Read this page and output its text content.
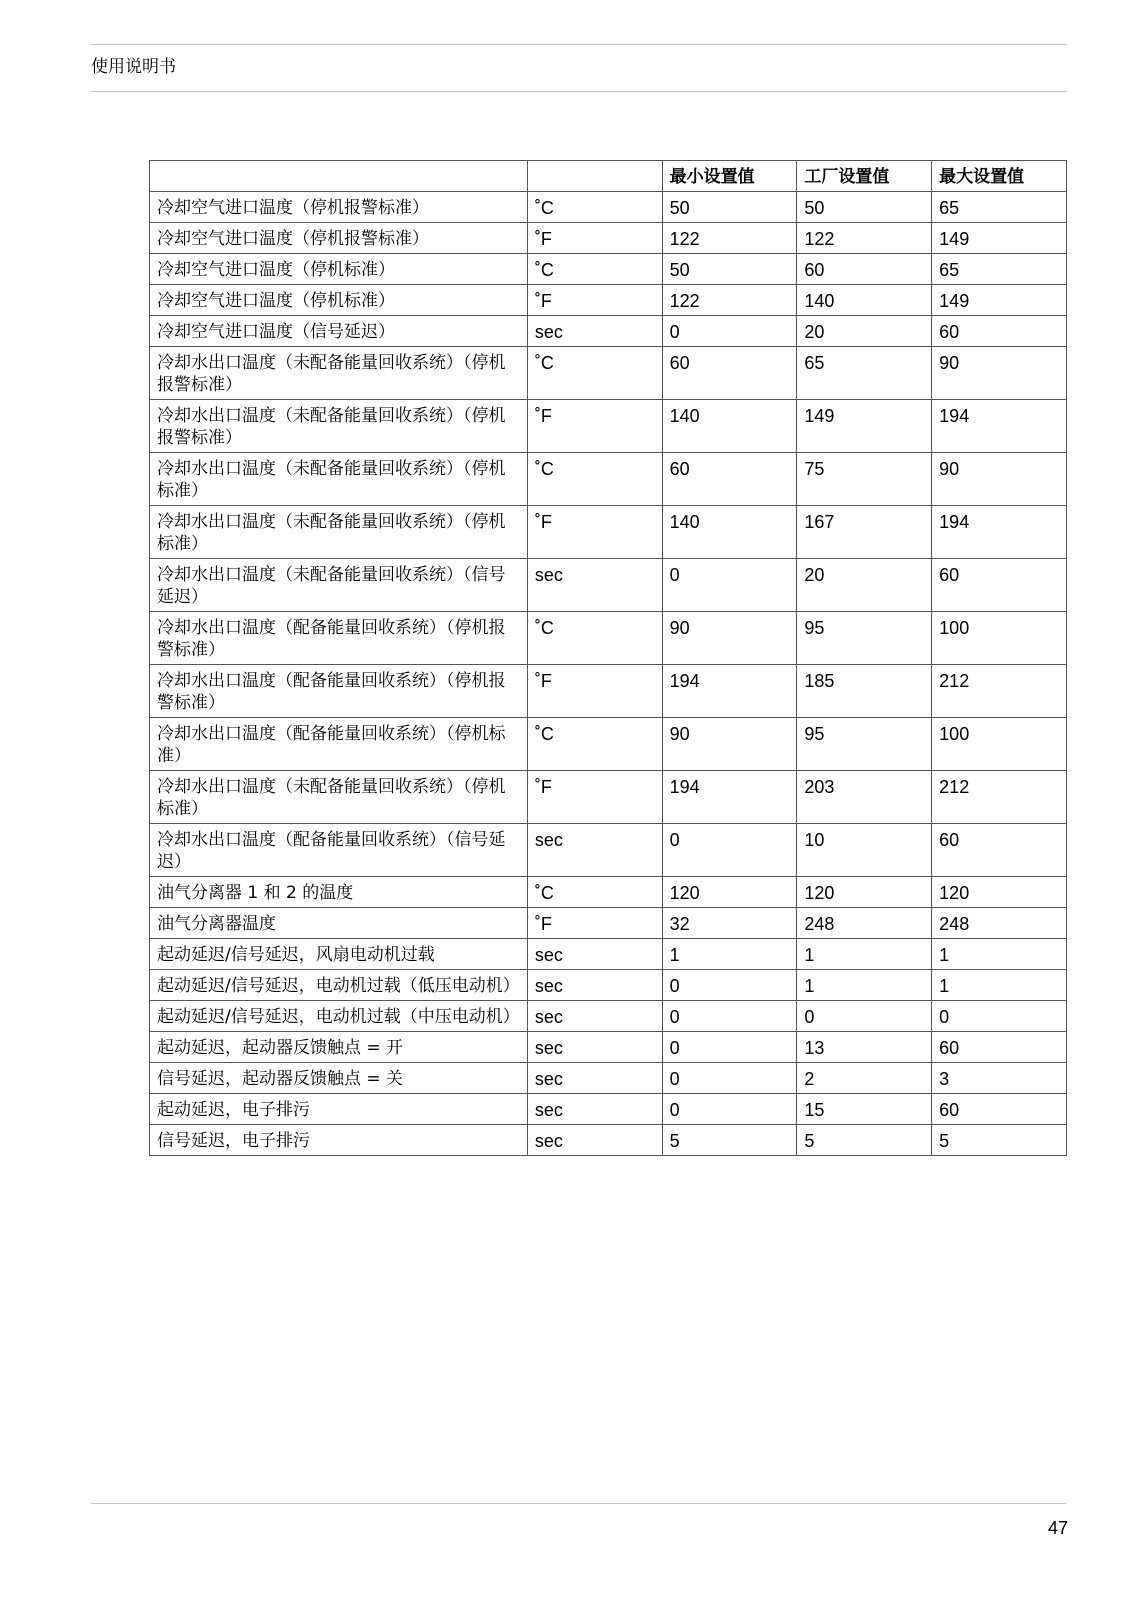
使用说明书
		最小设置值	工厂设置值	最大设置值
冷却空气进口温度（停机报警标准）	˚C	50	50	65
冷却空气进口温度（停机报警标准）	˚F	122	122	149
冷却空气进口温度（停机标准）	˚C	50	60	65
冷却空气进口温度（停机标准）	˚F	122	140	149
冷却空气进口温度（信号延迟）	sec	0	20	60
冷却水出口温度（未配备能量回收系统）（停机报警标准）	˚C	60	65	90
冷却水出口温度（未配备能量回收系统）（停机报警标准）	˚F	140	149	194
冷却水出口温度（未配备能量回收系统）（停机标准）	˚C	60	75	90
冷却水出口温度（未配备能量回收系统）（停机标准）	˚F	140	167	194
冷却水出口温度（未配备能量回收系统）（信号延迟）	sec	0	20	60
冷却水出口温度（配备能量回收系统）（停机报警标准）	˚C	90	95	100
冷却水出口温度（配备能量回收系统）（停机报警标准）	˚F	194	185	212
冷却水出口温度（配备能量回收系统）（停机标准）	˚C	90	95	100
冷却水出口温度（未配备能量回收系统）（停机标准）	˚F	194	203	212
冷却水出口温度（配备能量回收系统）（信号延迟）	sec	0	10	60
油气分离器 1 和 2 的温度	˚C	120	120	120
油气分离器温度	˚F	32	248	248
起动延迟/信号延迟，风扇电动机过载	sec	1	1	1
起动延迟/信号延迟，电动机过载（低压电动机）	sec	0	1	1
起动延迟/信号延迟，电动机过载（中压电动机）	sec	0	0	0
起动延迟，起动器反馈触点 = 开	sec	0	13	60
信号延迟，起动器反馈触点 = 关	sec	0	2	3
起动延迟，电子排污	sec	0	15	60
信号延迟，电子排污	sec	5	5	5
47
